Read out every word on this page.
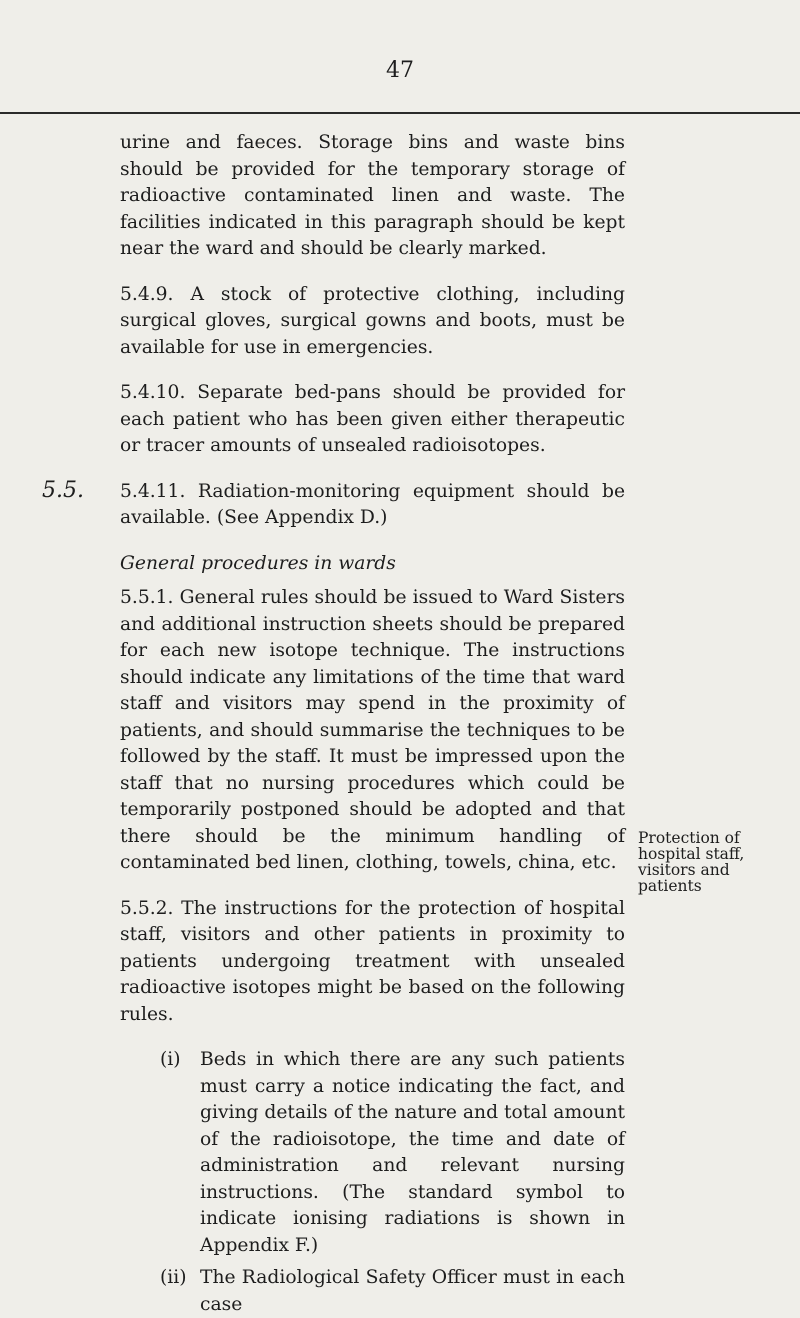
47
5.5.

urine and faeces. Storage bins and waste bins should be provided for the temporary storage of radioactive contaminated linen and waste. The facilities indicated in this paragraph should be kept near the ward and should be clearly marked.

5.4.9. A stock of protective clothing, including surgical gloves, surgical gowns and boots, must be available for use in emergencies.

5.4.10. Separate bed-pans should be provided for each patient who has been given either therapeutic or tracer amounts of unsealed radioisotopes.

5.4.11. Radiation-monitoring equipment should be available. (See Appendix D.)

General procedures in wards

5.5.1. General rules should be issued to Ward Sisters and additional instruction sheets should be prepared for each new isotope technique. The instructions should indicate any limitations of the time that ward staff and visitors may spend in the proximity of patients, and should summarise the techniques to be followed by the staff. It must be impressed upon the staff that no nursing procedures which could be temporarily postponed should be adopted and that there should be the minimum handling of contaminated bed linen, clothing, towels, china, etc.

5.5.2. The instructions for the protection of hospital staff, visitors and other patients in proximity to patients undergoing treatment with unsealed radioactive isotopes might be based on the following rules.

(i)	Beds in which there are any such patients must carry a notice indicating the fact, and giving details of the nature and total amount of the radioisotope, the time and date of administration and relevant nursing instructions. (The standard symbol to indicate ionising radiations is shown in Appendix F.)
(ii) The Radiological Safety Officer must in each case
Protection of hospital staff, visitors and patients
